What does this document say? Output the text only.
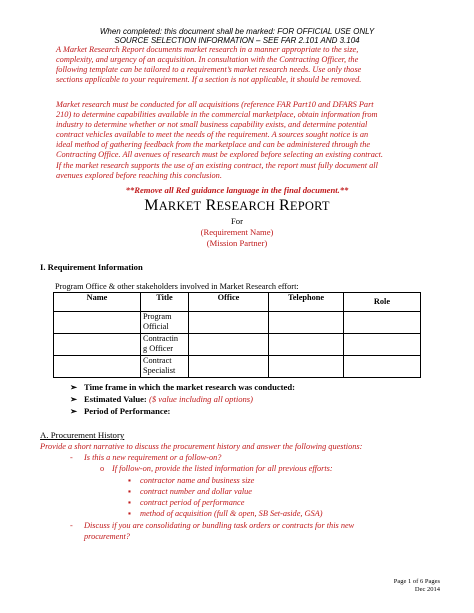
When completed: this document shall be marked: FOR OFFICIAL USE ONLY
SOURCE SELECTION INFORMATION – SEE FAR 2.101 AND 3.104
A Market Research Report documents market research in a manner appropriate to the size,
complexity, and urgency of an acquisition. In consultation with the Contracting Officer, the
following template can be tailored to a requirement’s market research needs. Use only those
sections applicable to your requirement. If a section is not applicable, it should be removed.
Market research must be conducted for all acquisitions (reference FAR Part10 and DFARS Part
210) to determine capabilities available in the commercial marketplace, obtain information from
industry to determine whether or not small business capability exists, and determine potential
contract vehicles available to meet the needs of the requirement. A sources sought notice is an
ideal method of gathering feedback from the marketplace and can be administered through the
Contracting Office. All avenues of research must be explored before selecting an existing contract.
If the market research supports the use of an existing contract, the report must fully document all
avenues explored before reaching this conclusion.
**Remove all Red guidance language in the final document.**
MARKET RESEARCH REPORT
For
(Requirement Name)
(Mission Partner)
I. Requirement Information
Program Office & other stakeholders involved in Market Research effort:
Name	Title	Office	Telephone	Role

	Program
Official			

	Contractin
g Officer			

	Contract
Specialist			

➢ Time frame in which the market research was conducted:
➢ Estimated Value: ($ value including all options)
➢ Period of Performance:
A. Procurement History
Provide a short narrative to discuss the procurement history and answer the following questions:
- Is this a new requirement or a follow-on?
o If follow-on, provide the listed information for all previous efforts:
▪ contractor name and business size
▪ contract number and dollar value
▪ contract period of performance
▪ method of acquisition (full & open, SB Set-aside, GSA)
- Discuss if you are consolidating or bundling task orders or contracts for this new
procurement?
Page 1 of 6 Pages
Dec 2014
